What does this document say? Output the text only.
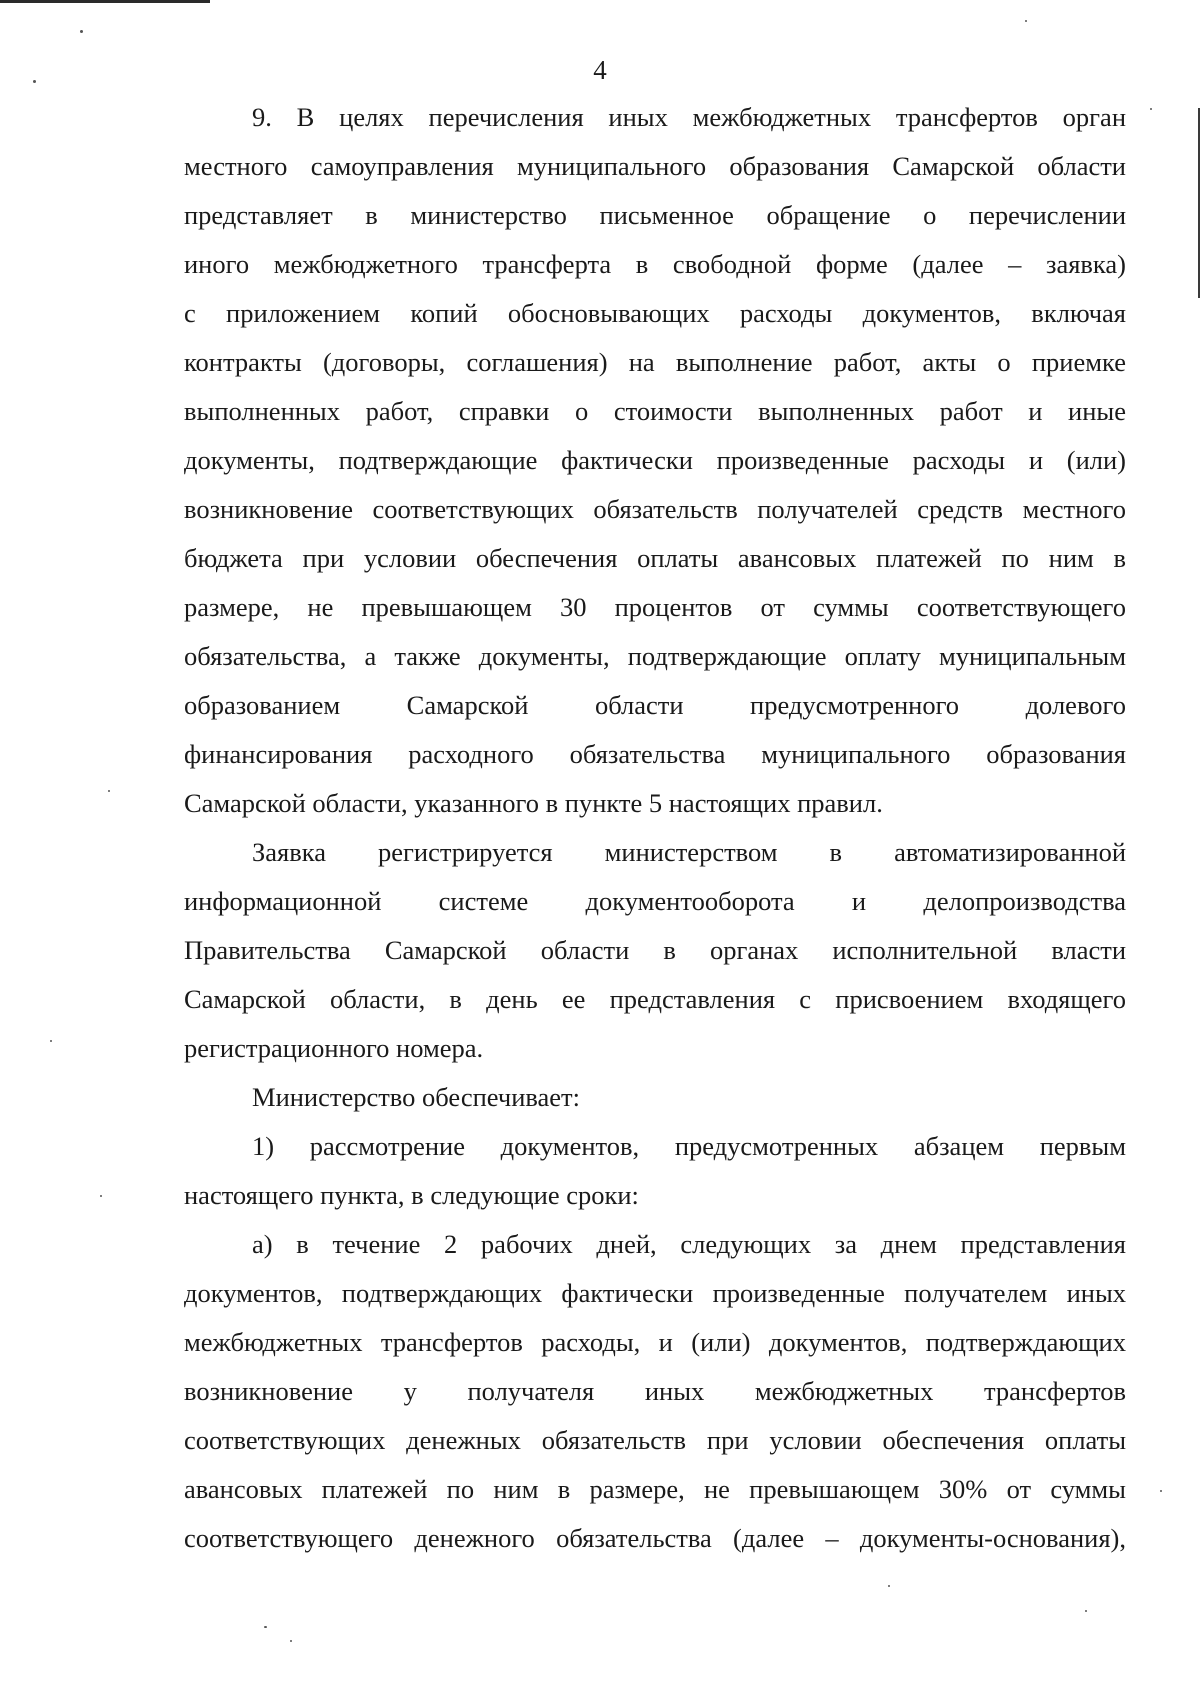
4
9. В целях перечисления иных межбюджетных трансфертов орган
местного самоуправления муниципального образования Самарской области
представляет в министерство письменное обращение о перечислении
иного межбюджетного трансферта в свободной форме (далее – заявка)
с приложением копий обосновывающих расходы документов, включая
контракты (договоры, соглашения) на выполнение работ, акты о приемке
выполненных работ, справки о стоимости выполненных работ и иные
документы, подтверждающие фактически произведенные расходы и (или)
возникновение соответствующих обязательств получателей средств местного
бюджета при условии обеспечения оплаты авансовых платежей по ним в
размере, не превышающем 30 процентов от суммы соответствующего
обязательства, а также документы, подтверждающие оплату муниципальным
образованием Самарской области предусмотренного долевого
финансирования расходного обязательства муниципального образования
Самарской области, указанного в пункте 5 настоящих правил.
Заявка регистрируется министерством в автоматизированной
информационной системе документооборота и делопроизводства
Правительства Самарской области в органах исполнительной власти
Самарской области, в день ее представления с присвоением входящего
регистрационного номера.
Министерство обеспечивает:
1) рассмотрение документов, предусмотренных абзацем первым
настоящего пункта, в следующие сроки:
а) в течение 2 рабочих дней, следующих за днем представления
документов, подтверждающих фактически произведенные получателем иных
межбюджетных трансфертов расходы, и (или) документов, подтверждающих
возникновение у получателя иных межбюджетных трансфертов
соответствующих денежных обязательств при условии обеспечения оплаты
авансовых платежей по ним в размере, не превышающем 30% от суммы
соответствующего денежного обязательства (далее – документы-основания),
